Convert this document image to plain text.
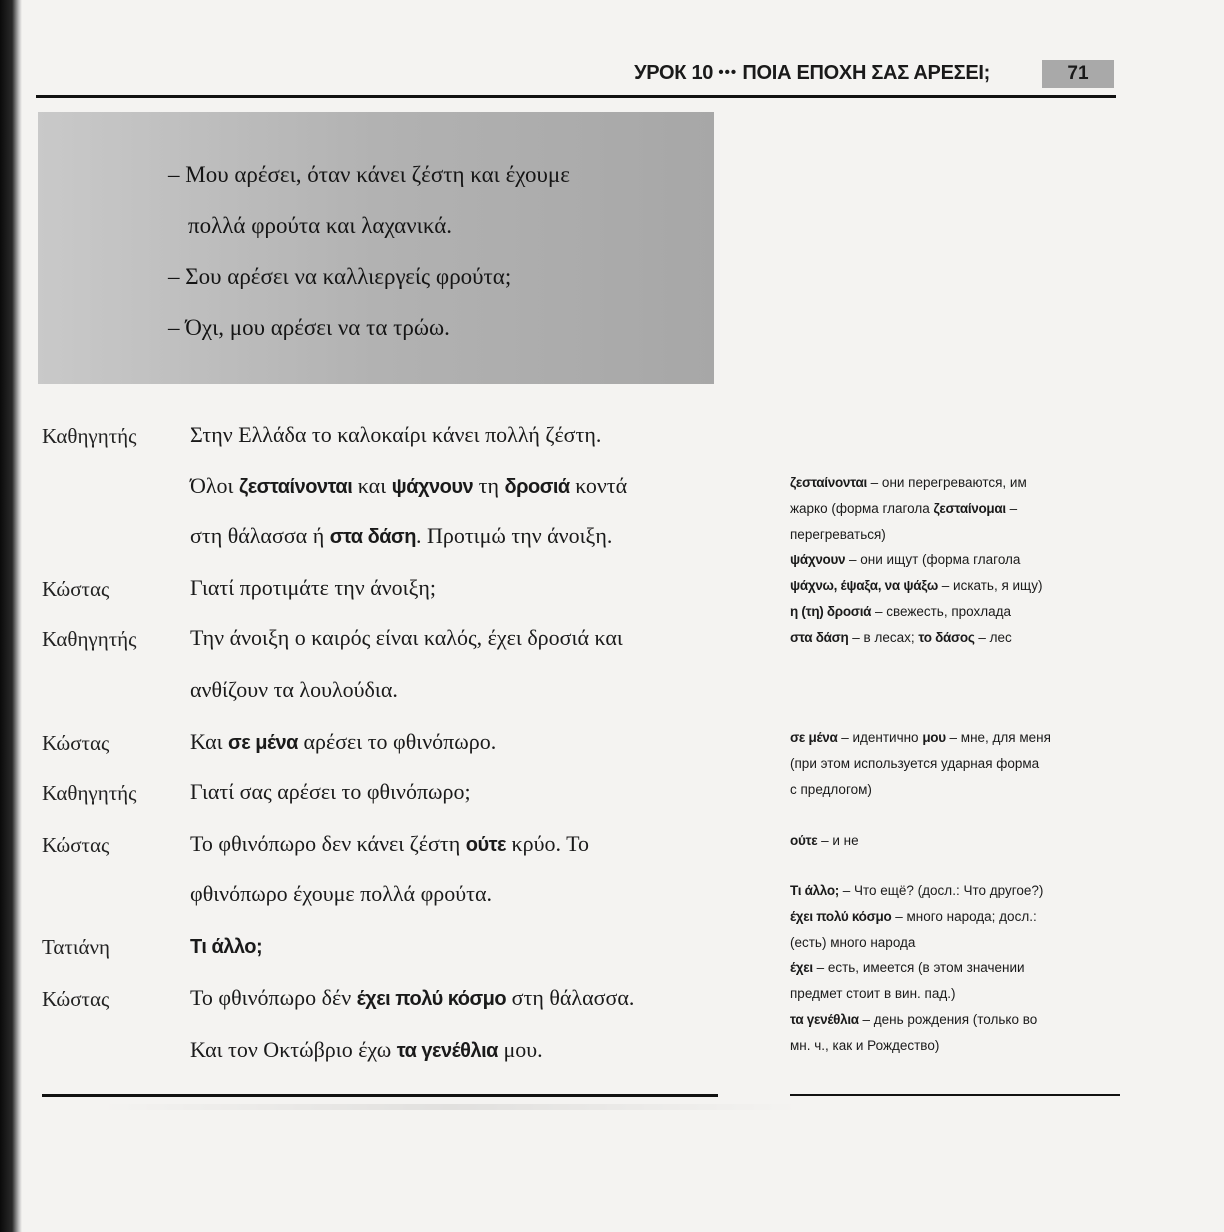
УРОК 10 ••• ΠΟΙΑ ΕΠΟΧΗ ΣΑΣ ΑΡΕΣΕΙ;	71
– Μου αρέσει, όταν κάνει ζέστη και έχουμε
πολλά φρούτα και λαχανικά.
– Σου αρέσει να καλλιεργείς φρούτα;
– Όχι, μου αρέσει να τα τρώω.
Καθηγητής
Κώστας
Καθηγητής
Κώστας
Καθηγητής
Κώστας
Τατιάνη
Κώστας
Στην Ελλάδα το καλοκαίρι κάνει πολλή ζέστη.
Όλοι ζεσταίνονται και ψάχνουν τη δροσιά κοντά
στη θάλασσα ή στα δάση. Προτιμώ την άνοιξη.
Γιατί προτιμάτε την άνοιξη;
Την άνοιξη ο καιρός είναι καλός, έχει δροσιά και
ανθίζουν τα λουλούδια.
Και σε μένα αρέσει το φθινόπωρο.
Γιατί σας αρέσει το φθινόπωρο;
Το φθινόπωρο δεν κάνει ζέστη ούτε κρύο. Το
φθινόπωρο έχουμε πολλά φρούτα.
Τι άλλο;
Το φθινόπωρο δέν έχει πολύ κόσμο στη θάλασσα.
Και τον Οκτώβριο έχω τα γενέθλια μου.
ζεσταίνονται – они перегреваются, им
жарко (форма глагола ζεσταίνομαι –
перегреваться)
ψάχνουν – они ищут (форма глагола
ψάχνω, έψαξα, να ψάξω – искать, я ищу)
η (τη) δροσιά – свежесть, прохлада
στα δάση – в лесах; το δάσος – лес
σε μένα – идентично μου – мне, для меня
(при этом используется ударная форма
с предлогом)
ούτε – и не
Τι άλλο; – Что ещё? (досл.: Что другое?)
έχει πολύ κόσμο – много народа; досл.:
(есть) много народа
έχει – есть, имеется (в этом значении
предмет стоит в вин. пад.)
τα γενέθλια – день рождения (только во
мн. ч., как и Рождество)
